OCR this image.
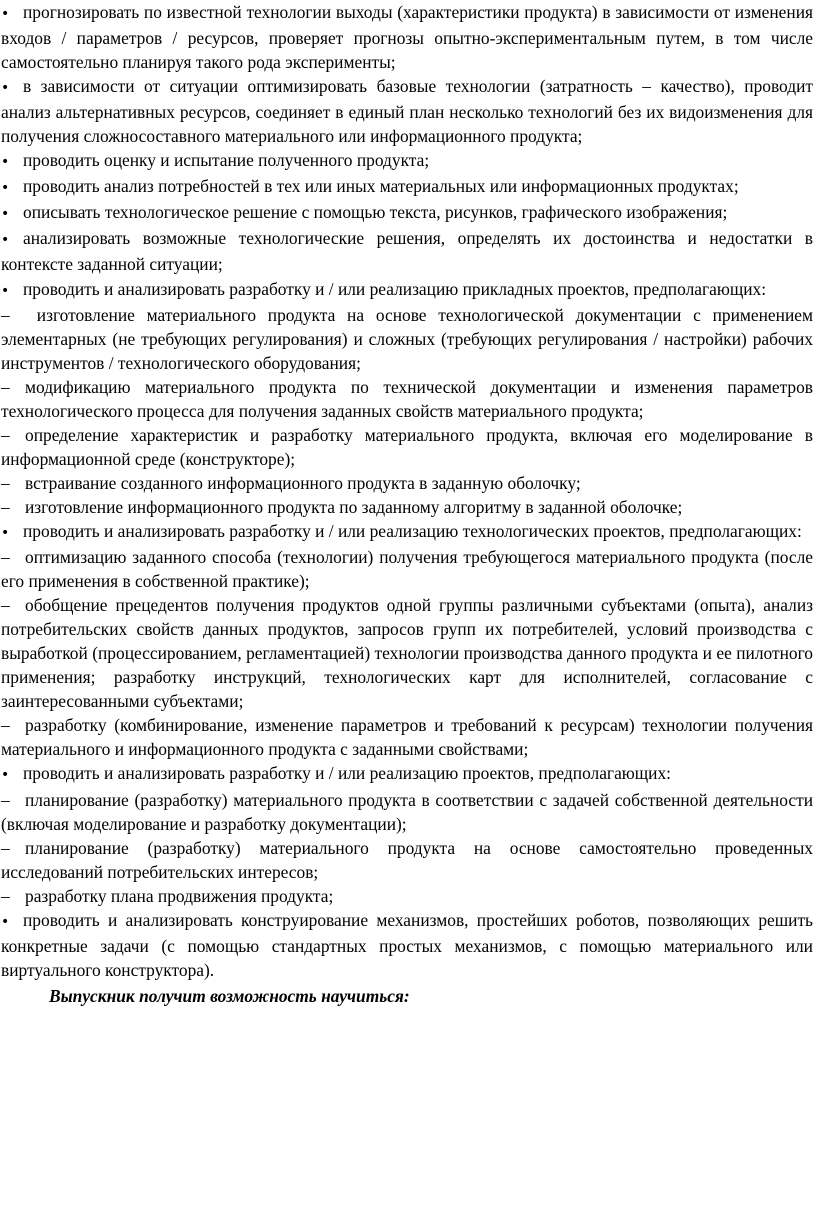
• прогнозировать по известной технологии выходы (характеристики продукта) в зависимости от изменения входов / параметров / ресурсов, проверяет прогнозы опытно-экспериментальным путем, в том числе самостоятельно планируя такого рода эксперименты;
• в зависимости от ситуации оптимизировать базовые технологии (затратность – качество), проводит анализ альтернативных ресурсов, соединяет в единый план несколько технологий без их видоизменения для получения сложносоставного материального или информационного продукта;
• проводить оценку и испытание полученного продукта;
• проводить анализ потребностей в тех или иных материальных или информационных продуктах;
• описывать технологическое решение с помощью текста, рисунков, графического изображения;
• анализировать возможные технологические решения, определять их достоинства и недостатки в контексте заданной ситуации;
• проводить и анализировать разработку и / или реализацию прикладных проектов, предполагающих:
– изготовление материального продукта на основе технологической документации с применением элементарных (не требующих регулирования) и сложных (требующих регулирования / настройки) рабочих инструментов / технологического оборудования;
– модификацию материального продукта по технической документации и изменения параметров технологического процесса для получения заданных свойств материального продукта;
– определение характеристик и разработку материального продукта, включая его моделирование в информационной среде (конструкторе);
– встраивание созданного информационного продукта в заданную оболочку;
– изготовление информационного продукта по заданному алгоритму в заданной оболочке;
• проводить и анализировать разработку и / или реализацию технологических проектов, предполагающих:
– оптимизацию заданного способа (технологии) получения требующегося материального продукта (после его применения в собственной практике);
– обобщение прецедентов получения продуктов одной группы различными субъектами (опыта), анализ потребительских свойств данных продуктов, запросов групп их потребителей, условий производства с выработкой (процессированием, регламентацией) технологии производства данного продукта и ее пилотного применения; разработку инструкций, технологических карт для исполнителей, согласование с заинтересованными субъектами;
– разработку (комбинирование, изменение параметров и требований к ресурсам) технологии получения материального и информационного продукта с заданными свойствами;
• проводить и анализировать разработку и / или реализацию проектов, предполагающих:
– планирование (разработку) материального продукта в соответствии с задачей собственной деятельности (включая моделирование и разработку документации);
– планирование (разработку) материального продукта на основе самостоятельно проведенных исследований потребительских интересов;
– разработку плана продвижения продукта;
• проводить и анализировать конструирование механизмов, простейших роботов, позволяющих решить конкретные задачи (с помощью стандартных простых механизмов, с помощью материального или виртуального конструктора).
Выпускник получит возможность научиться:
